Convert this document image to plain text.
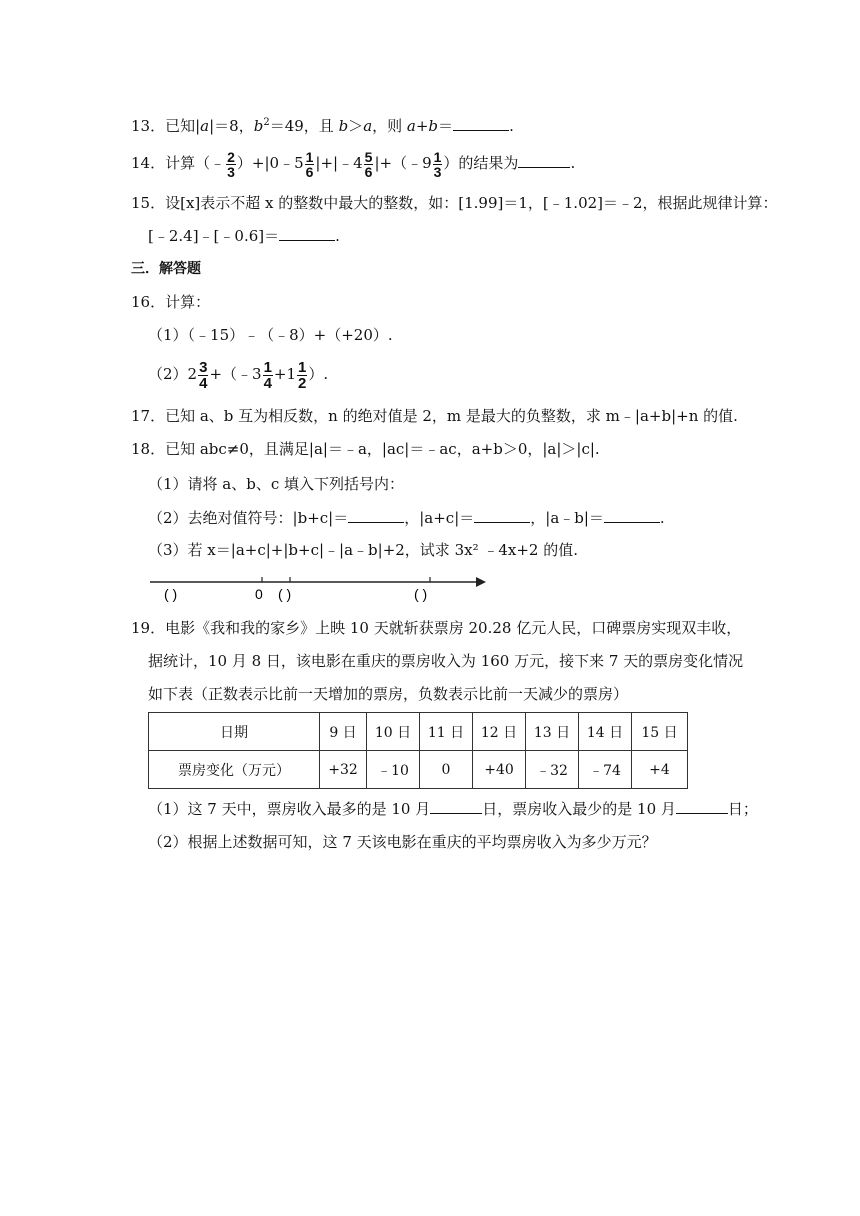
13．已知|a|＝8，$b^2=49$，且 b＞a，则 a+b＝	.
14．计算（﹣ $\frac{2}{3}$ ）+|0﹣5 $\frac{1}{6}$ |+|﹣4 $\frac{5}{6}$ |+（﹣9 $\frac{1}{3}$ ）的结果为	.
15．设[x]表示不超 x 的整数中最大的整数，如：[1.99]＝1，[﹣1.02]＝﹣2，根据此规律计算：
[﹣2.4]﹣[﹣0.6]＝	.
三．解答题
16．计算：
（1）（﹣15）﹣（﹣8）+（+20）.
$(2)2 \frac{3}{4}$ +（﹣3 $\frac{1}{4} +1 \frac{1}{2}$ ）.
17．已知 a、b 互为相反数，n 的绝对值是 2，m 是最大的负整数，求 m﹣|a+b|+n 的值.
18．已知 abc≠0，且满足|a|＝﹣a，|ac|＝﹣ac，a+b＞0，|a|＞|c|.
（1）请将 a、b、c 填入下列括号内：
（2）去绝对值符号：|b+c|＝	，|a+c|＝	，|a﹣b|＝	.
（3）若 x＝|a+c|+|b+c|﹣|a﹣b|+2，试求 3x² ﹣4x+2 的值.
( )	0 ( )	( )
19．电影《我和我的家乡》上映 10 天就斩获票房 20.28 亿元人民，口碑票房实现双丰收，
据统计，10 月 8 日，该电影在重庆的票房收入为 160 万元，接下来 7 天的票房变化情况
如下表（正数表示比前一天增加的票房，负数表示比前一天减少的票房）
日期	9 日	10 日	11 日	12 日	13 日	14 日	15 日
票房变化（万元）	+32	﹣10	0	+40	﹣32	﹣74	+4
（1）这 7 天中，票房收入最多的是 10 月	日，票房收入最少的是 10 月	日；
（2）根据上述数据可知，这 7 天该电影在重庆的平均票房收入为多少万元？
